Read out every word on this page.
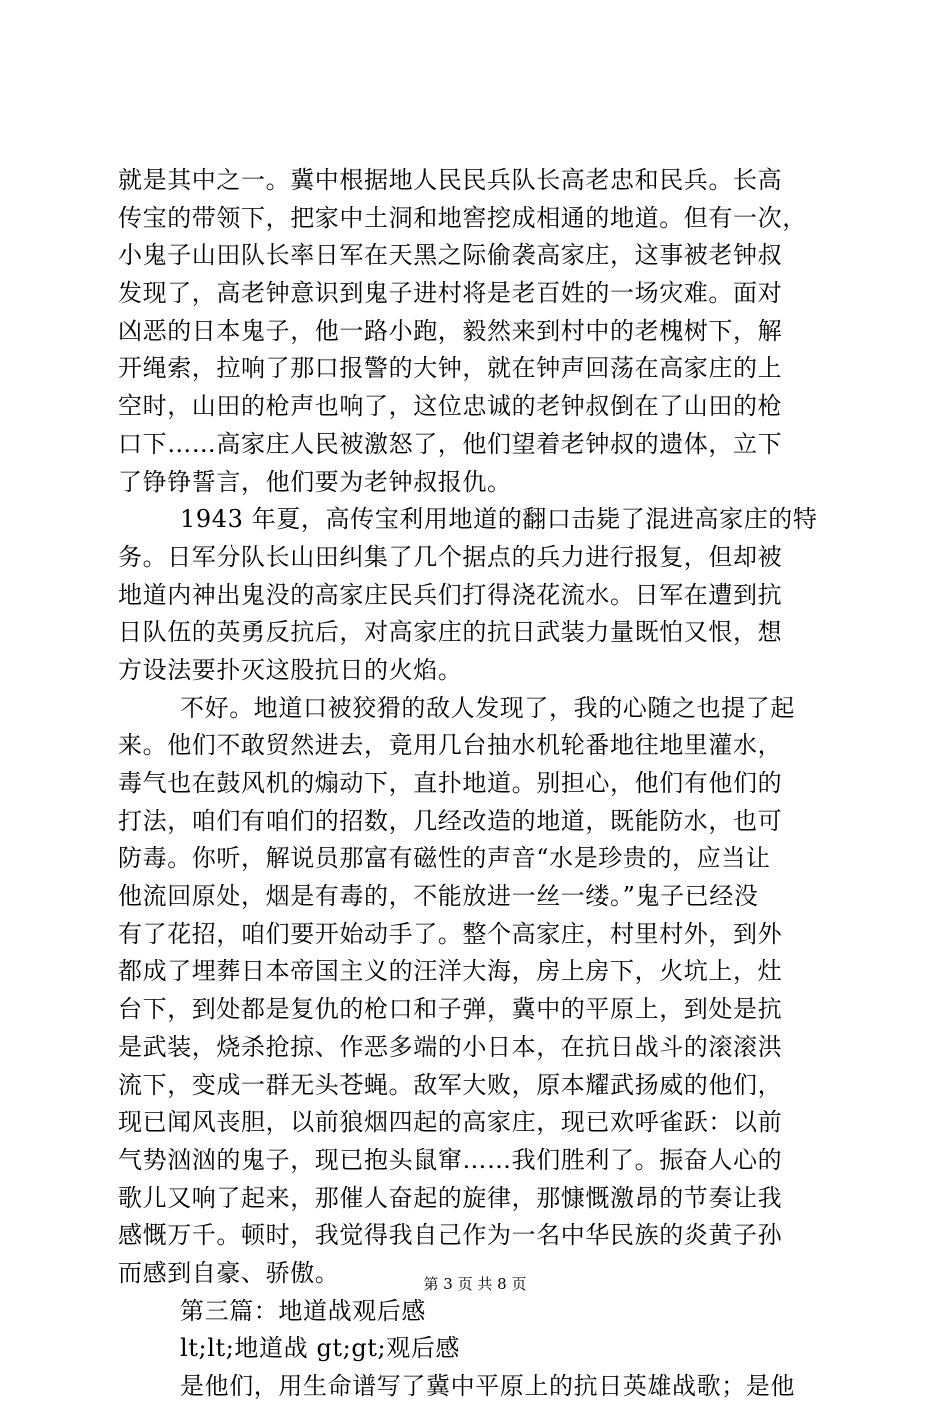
就是其中之一。冀中根据地人民民兵队长高老忠和民兵。长高
传宝的带领下，把家中土洞和地窖挖成相通的地道。但有一次，
小鬼子山田队长率日军在天黑之际偷袭高家庄，这事被老钟叔
发现了，高老钟意识到鬼子进村将是老百姓的一场灾难。面对
凶恶的日本鬼子，他一路小跑，毅然来到村中的老槐树下，解
开绳索，拉响了那口报警的大钟，就在钟声回荡在高家庄的上
空时，山田的枪声也响了，这位忠诚的老钟叔倒在了山田的枪
口下……高家庄人民被激怒了，他们望着老钟叔的遗体，立下
了铮铮誓言，他们要为老钟叔报仇。
1943 年夏，高传宝利用地道的翻口击毙了混进高家庄的特
务。日军分队长山田纠集了几个据点的兵力进行报复，但却被
地道内神出鬼没的高家庄民兵们打得浇花流水。日军在遭到抗
日队伍的英勇反抗后，对高家庄的抗日武装力量既怕又恨，想
方设法要扑灭这股抗日的火焰。
不好。地道口被狡猾的敌人发现了，我的心随之也提了起
来。他们不敢贸然进去，竟用几台抽水机轮番地往地里灌水，
毒气也在鼓风机的煽动下，直扑地道。别担心，他们有他们的
打法，咱们有咱们的招数，几经改造的地道，既能防水，也可
防毒。你听，解说员那富有磁性的声音“水是珍贵的，应当让
他流回原处，烟是有毒的，不能放进一丝一缕。”鬼子已经没
有了花招，咱们要开始动手了。整个高家庄，村里村外，到外
都成了埋葬日本帝国主义的汪洋大海，房上房下，火坑上，灶
台下，到处都是复仇的枪口和子弹，冀中的平原上，到处是抗
是武装，烧杀抢掠、作恶多端的小日本，在抗日战斗的滚滚洪
流下，变成一群无头苍蝇。敌军大败，原本耀武扬威的他们，
现已闻风丧胆，以前狼烟四起的高家庄，现已欢呼雀跃：以前
气势汹汹的鬼子，现已抱头鼠窜……我们胜利了。振奋人心的
歌儿又响了起来，那催人奋起的旋律，那慷慨激昂的节奏让我
感慨万千。顿时，我觉得我自己作为一名中华民族的炎黄子孙
而感到自豪、骄傲。
第三篇：地道战观后感
lt;lt;地道战 gt;gt;观后感
是他们，用生命谱写了冀中平原上的抗日英雄战歌；是他
第 3 页 共 8 页
